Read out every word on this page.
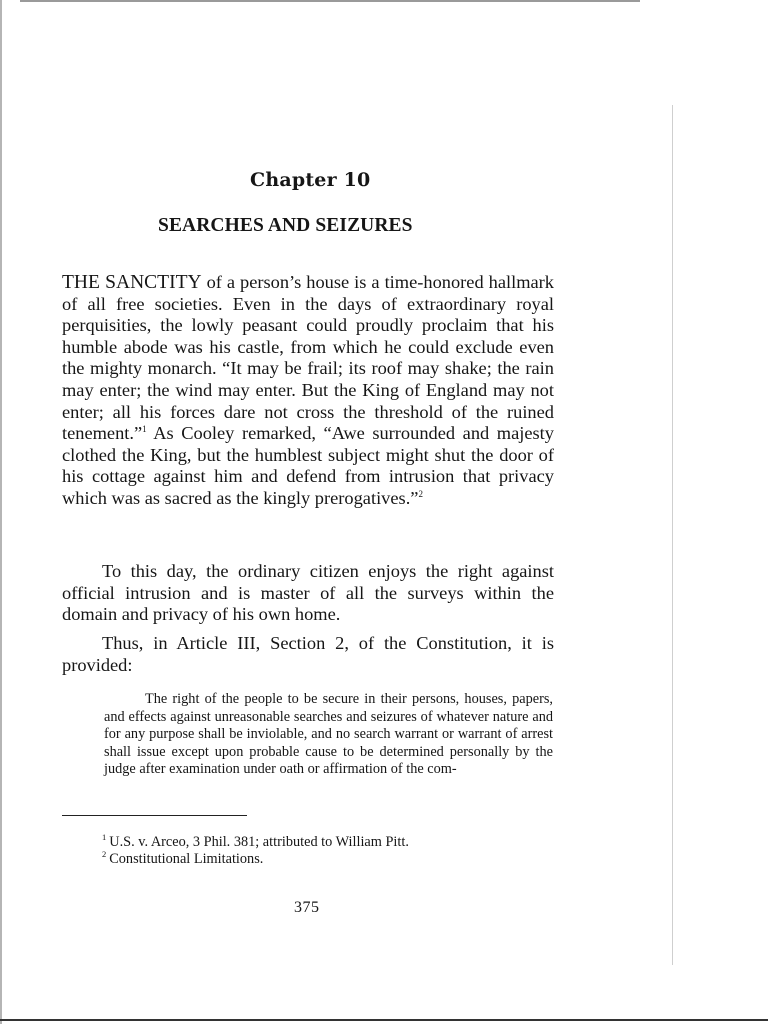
Chapter 10
SEARCHES AND SEIZURES

THE SANCTITY of a person’s house is a time-honored hallmark of all free societies. Even in the days of extraordinary royal perquisities, the lowly peasant could proudly proclaim that his humble abode was his castle, from which he could exclude even the mighty monarch. “It may be frail; its roof may shake; the rain may enter; the wind may enter. But the King of England may not enter; all his forces dare not cross the threshold of the ruined tenement.”$^1$ As Cooley remarked, “Awe surrounded and majesty clothed the King, but the humblest subject might shut the door of his cottage against him and defend from intrusion that privacy which was as sacred as the kingly prerogatives.”$^2$

To this day, the ordinary citizen enjoys the right against official intrusion and is master of all the surveys within the domain and privacy of his own home.

Thus, in Article III, Section 2, of the Constitution, it is provided:

The right of the people to be secure in their persons, houses, papers, and effects against unreasonable searches and seizures of whatever nature and for any purpose shall be inviolable, and no search warrant or warrant of arrest shall issue except upon probable cause to be determined personally by the judge after examination under oath or affirmation of the com-

$^1$ U.S. v. Arceo, 3 Phil. 381; attributed to William Pitt.

$^2$ Constitutional Limitations.

375
